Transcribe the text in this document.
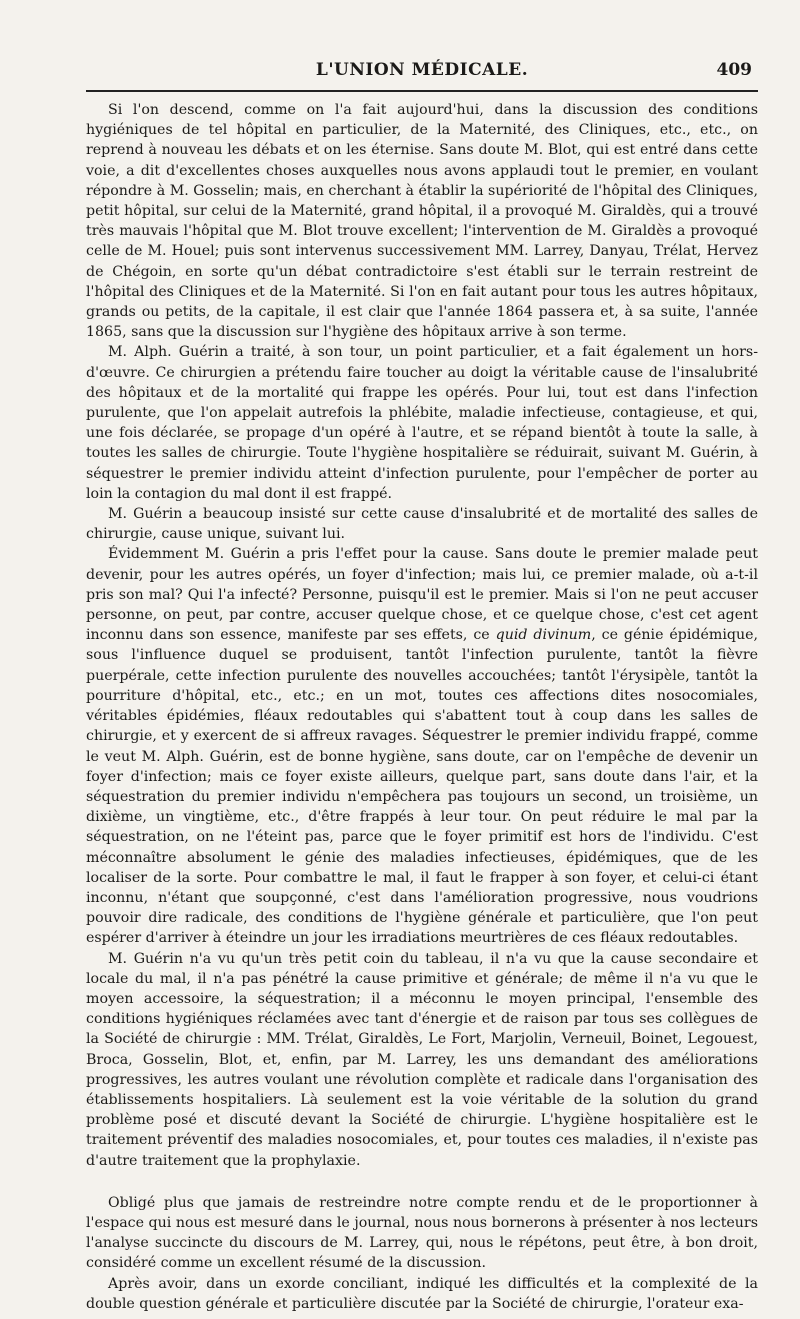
L'UNION MÉDICALE.	409

Si l'on descend, comme on l'a fait aujourd'hui, dans la discussion des conditions hygiéniques de tel hôpital en particulier, de la Maternité, des Cliniques, etc., etc., on reprend à nouveau les débats et on les éternise. Sans doute M. Blot, qui est entré dans cette voie, a dit d'excellentes choses auxquelles nous avons applaudi tout le premier, en voulant répondre à M. Gosselin; mais, en cherchant à établir la supériorité de l'hôpital des Cliniques, petit hôpital, sur celui de la Maternité, grand hôpital, il a provoqué M. Giraldès, qui a trouvé très mauvais l'hôpital que M. Blot trouve excellent; l'intervention de M. Giraldès a provoqué celle de M. Houel; puis sont intervenus successivement MM. Larrey, Danyau, Trélat, Hervez de Chégoin, en sorte qu'un débat contradictoire s'est établi sur le terrain restreint de l'hôpital des Cliniques et de la Maternité. Si l'on en fait autant pour tous les autres hôpitaux, grands ou petits, de la capitale, il est clair que l'année 1864 passera et, à sa suite, l'année 1865, sans que la discussion sur l'hygiène des hôpitaux arrive à son terme.

M. Alph. Guérin a traité, à son tour, un point particulier, et a fait également un hors-d'œuvre. Ce chirurgien a prétendu faire toucher au doigt la véritable cause de l'insalubrité des hôpitaux et de la mortalité qui frappe les opérés. Pour lui, tout est dans l'infection purulente, que l'on appelait autrefois la phlébite, maladie infectieuse, contagieuse, et qui, une fois déclarée, se propage d'un opéré à l'autre, et se répand bientôt à toute la salle, à toutes les salles de chirurgie. Toute l'hygiène hospitalière se réduirait, suivant M. Guérin, à séquestrer le premier individu atteint d'infection purulente, pour l'empêcher de porter au loin la contagion du mal dont il est frappé.

M. Guérin a beaucoup insisté sur cette cause d'insalubrité et de mortalité des salles de chirurgie, cause unique, suivant lui.

Évidemment M. Guérin a pris l'effet pour la cause. Sans doute le premier malade peut devenir, pour les autres opérés, un foyer d'infection; mais lui, ce premier malade, où a-t-il pris son mal? Qui l'a infecté? Personne, puisqu'il est le premier. Mais si l'on ne peut accuser personne, on peut, par contre, accuser quelque chose, et ce quelque chose, c'est cet agent inconnu dans son essence, manifeste par ses effets, ce quid divinum, ce génie épidémique, sous l'influence duquel se produisent, tantôt l'infection purulente, tantôt la fièvre puerpérale, cette infection purulente des nouvelles accouchées; tantôt l'érysipèle, tantôt la pourriture d'hôpital, etc., etc.; en un mot, toutes ces affections dites nosocomiales, véritables épidémies, fléaux redoutables qui s'abattent tout à coup dans les salles de chirurgie, et y exercent de si affreux ravages. Séquestrer le premier individu frappé, comme le veut M. Alph. Guérin, est de bonne hygiène, sans doute, car on l'empêche de devenir un foyer d'infection; mais ce foyer existe ailleurs, quelque part, sans doute dans l'air, et la séquestration du premier individu n'empêchera pas toujours un second, un troisième, un dixième, un vingtième, etc., d'être frappés à leur tour. On peut réduire le mal par la séquestration, on ne l'éteint pas, parce que le foyer primitif est hors de l'individu. C'est méconnaître absolument le génie des maladies infectieuses, épidémiques, que de les localiser de la sorte. Pour combattre le mal, il faut le frapper à son foyer, et celui-ci étant inconnu, n'étant que soupçonné, c'est dans l'amélioration progressive, nous voudrions pouvoir dire radicale, des conditions de l'hygiène générale et particulière, que l'on peut espérer d'arriver à éteindre un jour les irradiations meurtrières de ces fléaux redoutables.

M. Guérin n'a vu qu'un très petit coin du tableau, il n'a vu que la cause secondaire et locale du mal, il n'a pas pénétré la cause primitive et générale; de même il n'a vu que le moyen accessoire, la séquestration; il a méconnu le moyen principal, l'ensemble des conditions hygiéniques réclamées avec tant d'énergie et de raison par tous ses collègues de la Société de chirurgie : MM. Trélat, Giraldès, Le Fort, Marjolin, Verneuil, Boinet, Legouest, Broca, Gosselin, Blot, et, enfin, par M. Larrey, les uns demandant des améliorations progressives, les autres voulant une révolution complète et radicale dans l'organisation des établissements hospitaliers. Là seulement est la voie véritable de la solution du grand problème posé et discuté devant la Société de chirurgie. L'hygiène hospitalière est le traitement préventif des maladies nosocomiales, et, pour toutes ces maladies, il n'existe pas d'autre traitement que la prophylaxie.

Obligé plus que jamais de restreindre notre compte rendu et de le proportionner à l'espace qui nous est mesuré dans le journal, nous nous bornerons à présenter à nos lecteurs l'analyse succincte du discours de M. Larrey, qui, nous le répétons, peut être, à bon droit, considéré comme un excellent résumé de la discussion.

Après avoir, dans un exorde conciliant, indiqué les difficultés et la complexité de la double question générale et particulière discutée par la Société de chirurgie, l'orateur exa-
